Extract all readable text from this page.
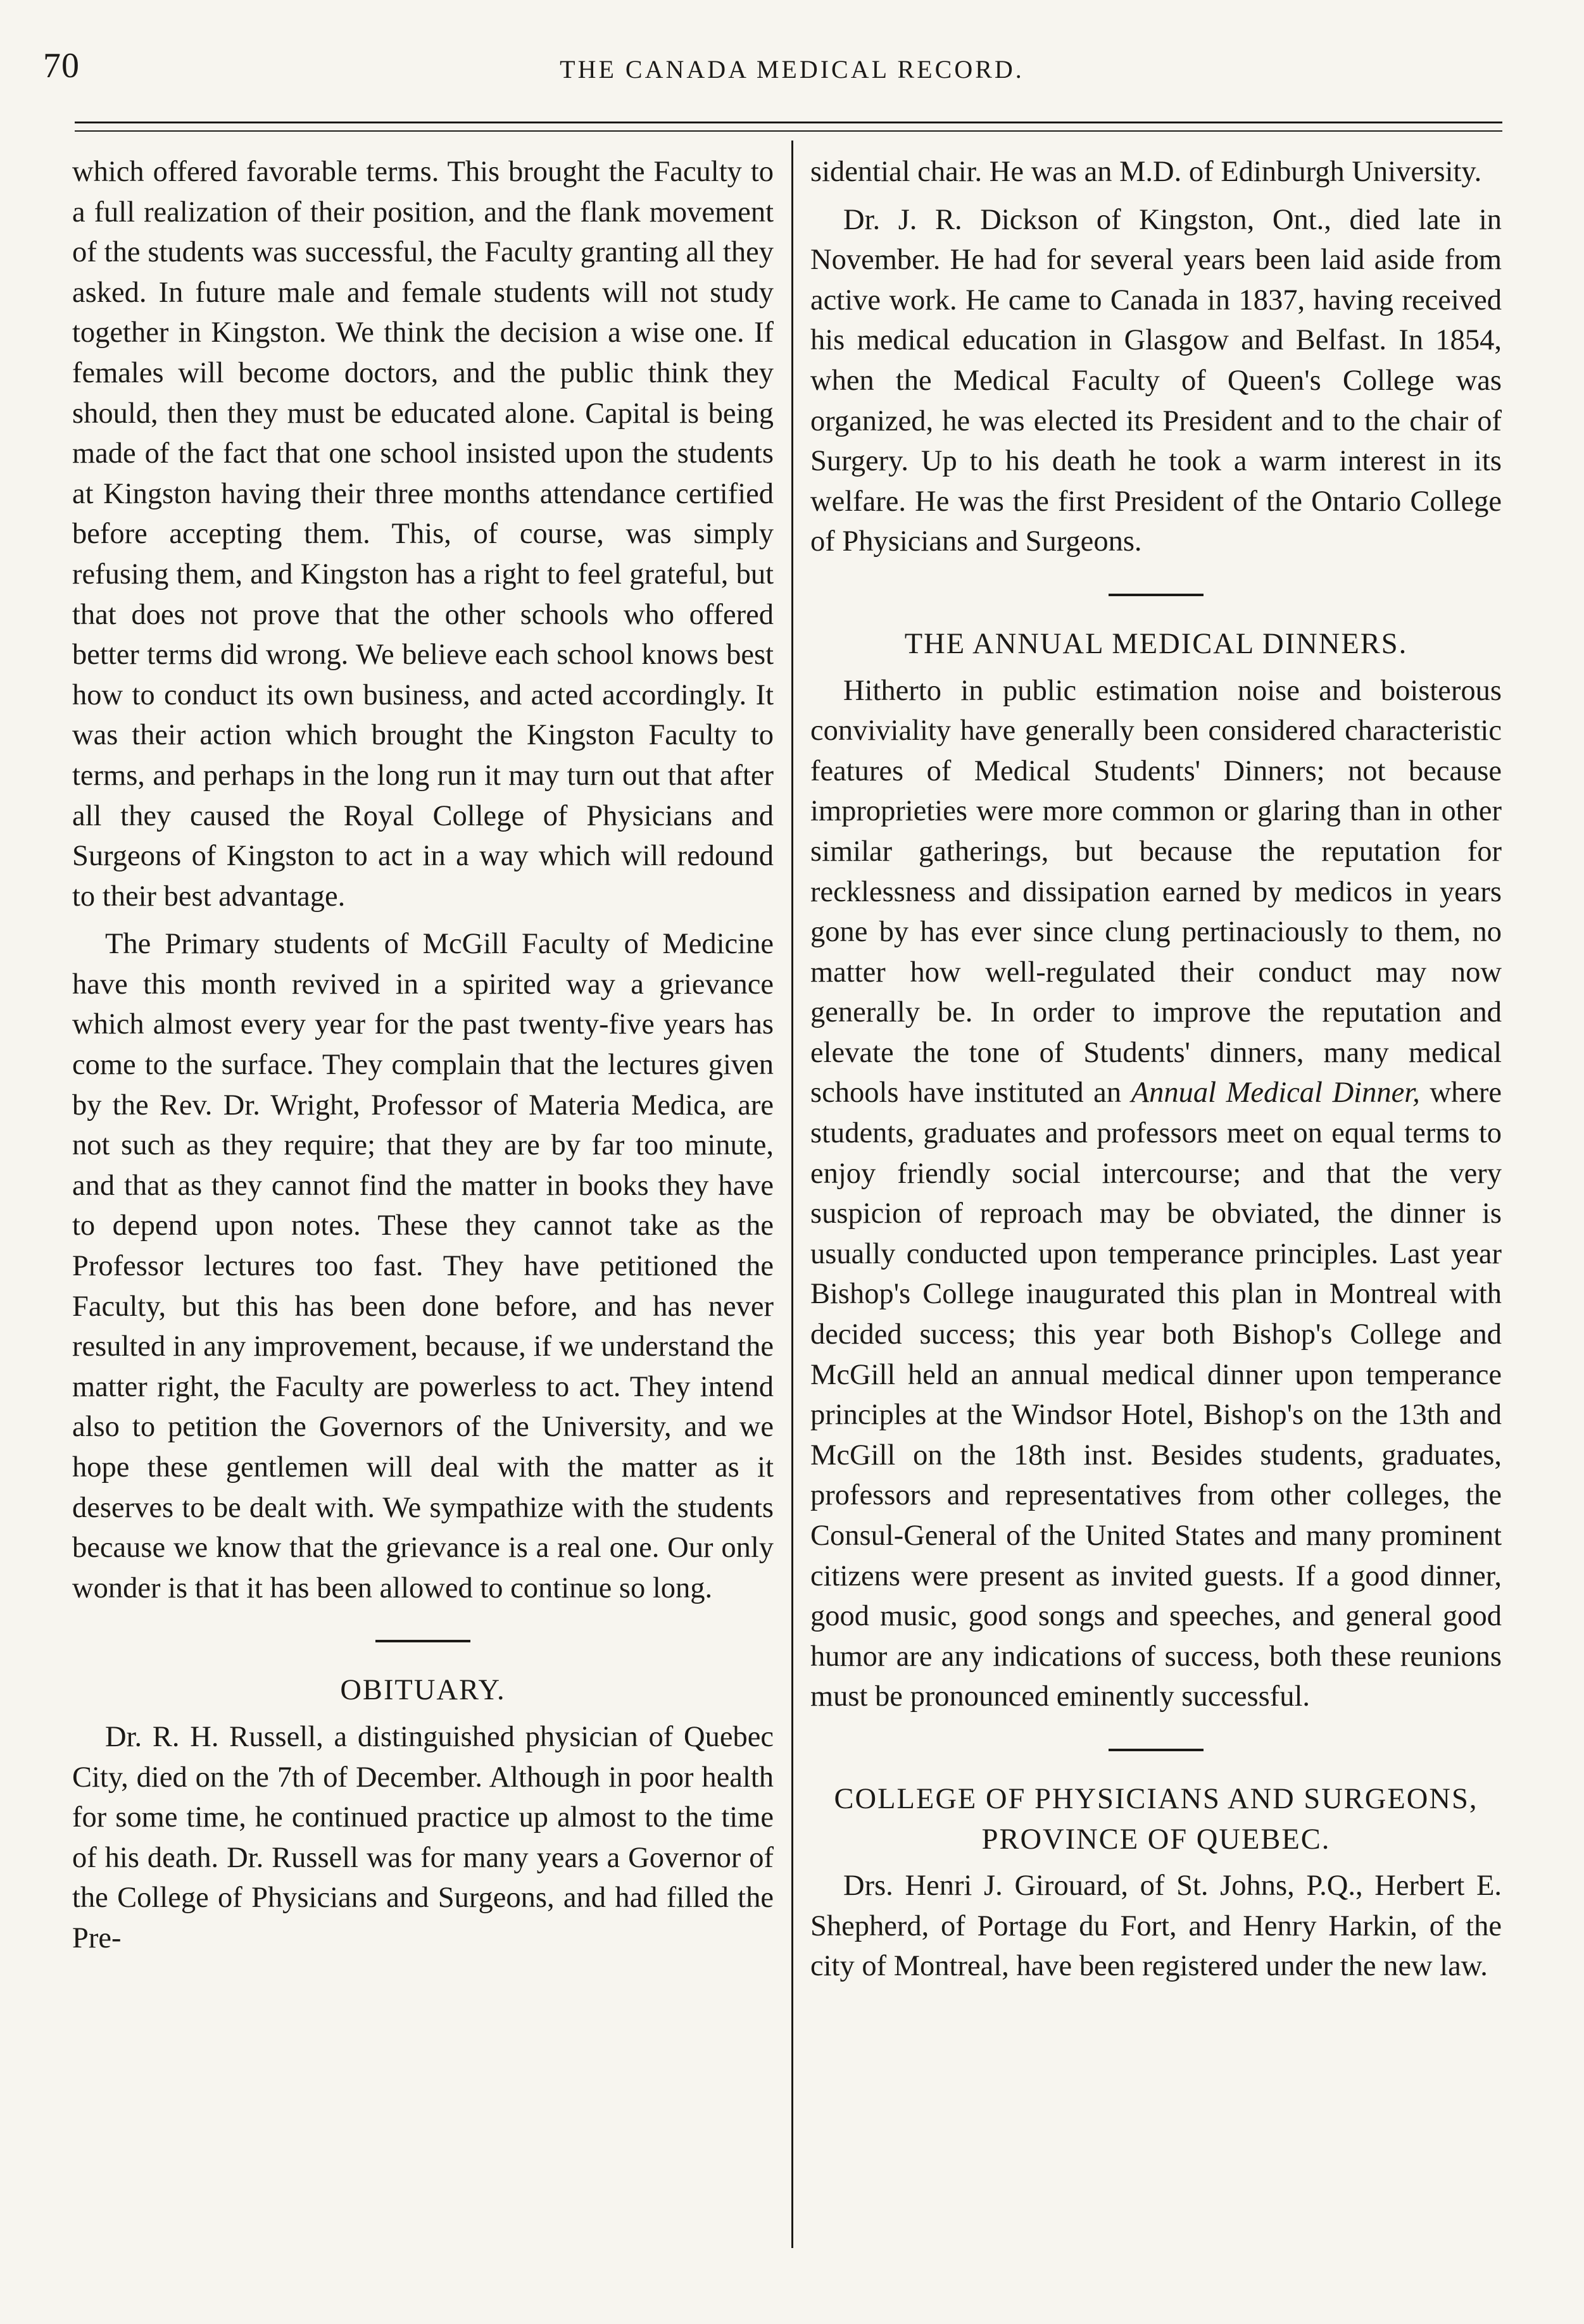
70	THE CANADA MEDICAL RECORD.

which offered favorable terms. This brought the Faculty to a full realization of their position, and the flank movement of the students was successful, the Faculty granting all they asked. In future male and female students will not study together in Kingston. We think the decision a wise one. If females will become doctors, and the public think they should, then they must be educated alone. Capital is being made of the fact that one school insisted upon the students at Kingston having their three months attendance certified before accepting them. This, of course, was simply refusing them, and Kingston has a right to feel grateful, but that does not prove that the other schools who offered better terms did wrong. We believe each school knows best how to conduct its own business, and acted accordingly. It was their action which brought the Kingston Faculty to terms, and perhaps in the long run it may turn out that after all they caused the Royal College of Physicians and Surgeons of Kingston to act in a way which will redound to their best advantage.

The Primary students of McGill Faculty of Medicine have this month revived in a spirited way a grievance which almost every year for the past twenty-five years has come to the surface. They complain that the lectures given by the Rev. Dr. Wright, Professor of Materia Medica, are not such as they require; that they are by far too minute, and that as they cannot find the matter in books they have to depend upon notes. These they cannot take as the Professor lectures too fast. They have petitioned the Faculty, but this has been done before, and has never resulted in any improvement, because, if we understand the matter right, the Faculty are powerless to act. They intend also to petition the Governors of the University, and we hope these gentlemen will deal with the matter as it deserves to be dealt with. We sympathize with the students because we know that the grievance is a real one. Our only wonder is that it has been allowed to continue so long.

OBITUARY.

Dr. R. H. Russell, a distinguished physician of Quebec City, died on the 7th of December. Although in poor health for some time, he continued practice up almost to the time of his death. Dr. Russell was for many years a Governor of the College of Physicians and Surgeons, and had filled the Pre-

sidential chair. He was an M.D. of Edinburgh University.

Dr. J. R. Dickson of Kingston, Ont., died late in November. He had for several years been laid aside from active work. He came to Canada in 1837, having received his medical education in Glasgow and Belfast. In 1854, when the Medical Faculty of Queen's College was organized, he was elected its President and to the chair of Surgery. Up to his death he took a warm interest in its welfare. He was the first President of the Ontario College of Physicians and Surgeons.

THE ANNUAL MEDICAL DINNERS.

Hitherto in public estimation noise and boisterous conviviality have generally been considered characteristic features of Medical Students' Dinners; not because improprieties were more common or glaring than in other similar gatherings, but because the reputation for recklessness and dissipation earned by medicos in years gone by has ever since clung pertinaciously to them, no matter how well-regulated their conduct may now generally be. In order to improve the reputation and elevate the tone of Students' dinners, many medical schools have instituted an Annual Medical Dinner, where students, graduates and professors meet on equal terms to enjoy friendly social intercourse; and that the very suspicion of reproach may be obviated, the dinner is usually conducted upon temperance principles. Last year Bishop's College inaugurated this plan in Montreal with decided success; this year both Bishop's College and McGill held an annual medical dinner upon temperance principles at the Windsor Hotel, Bishop's on the 13th and McGill on the 18th inst. Besides students, graduates, professors and representatives from other colleges, the Consul-General of the United States and many prominent citizens were present as invited guests. If a good dinner, good music, good songs and speeches, and general good humor are any indications of success, both these reunions must be pronounced eminently successful.

COLLEGE OF PHYSICIANS AND SURGEONS, PROVINCE OF QUEBEC.

Drs. Henri J. Girouard, of St. Johns, P.Q., Herbert E. Shepherd, of Portage du Fort, and Henry Harkin, of the city of Montreal, have been registered under the new law.
